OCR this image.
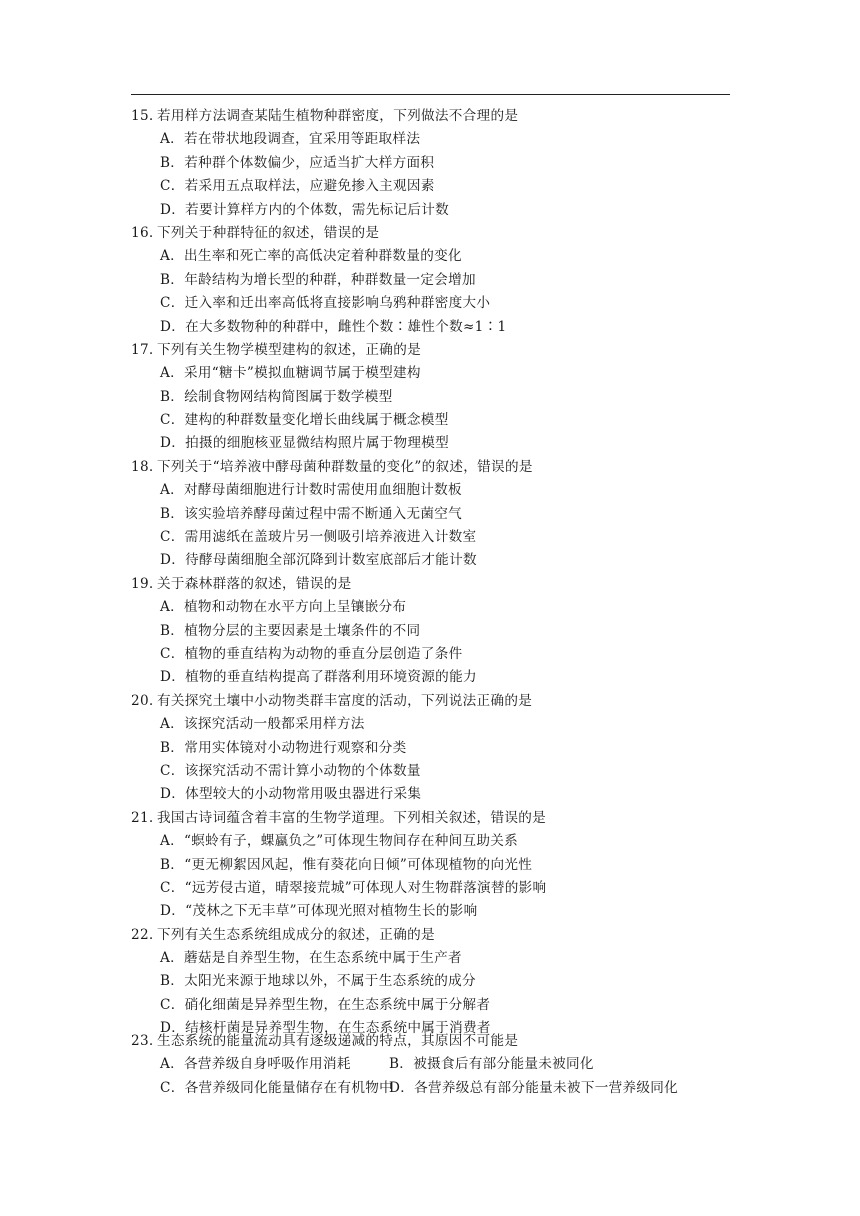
15. 若用样方法调查某陆生植物种群密度，下列做法不合理的是
A．若在带状地段调查，宜采用等距取样法
B．若种群个体数偏少，应适当扩大样方面积
C．若采用五点取样法，应避免掺入主观因素
D．若要计算样方内的个体数，需先标记后计数
16. 下列关于种群特征的叙述，错误的是
A．出生率和死亡率的高低决定着种群数量的变化
B．年龄结构为增长型的种群，种群数量一定会增加
C．迁入率和迁出率高低将直接影响乌鸦种群密度大小
D．在大多数物种的种群中，雌性个数∶雄性个数≈1∶1
17. 下列有关生物学模型建构的叙述，正确的是
A．采用“糖卡”模拟血糖调节属于模型建构
B．绘制食物网结构简图属于数学模型
C．建构的种群数量变化增长曲线属于概念模型
D．拍摄的细胞核亚显微结构照片属于物理模型
18. 下列关于“培养液中酵母菌种群数量的变化”的叙述，错误的是
A．对酵母菌细胞进行计数时需使用血细胞计数板
B．该实验培养酵母菌过程中需不断通入无菌空气
C．需用滤纸在盖玻片另一侧吸引培养液进入计数室
D．待酵母菌细胞全部沉降到计数室底部后才能计数
19. 关于森林群落的叙述，错误的是
A．植物和动物在水平方向上呈镶嵌分布
B．植物分层的主要因素是土壤条件的不同
C．植物的垂直结构为动物的垂直分层创造了条件
D．植物的垂直结构提高了群落利用环境资源的能力
20. 有关探究土壤中小动物类群丰富度的活动，下列说法正确的是
A．该探究活动一般都采用样方法
B．常用实体镜对小动物进行观察和分类
C．该探究活动不需计算小动物的个体数量
D．体型较大的小动物常用吸虫器进行采集
21. 我国古诗词蕴含着丰富的生物学道理。下列相关叙述，错误的是
A．“螟蛉有子，蜾蠃负之”可体现生物间存在种间互助关系
B．“更无柳絮因风起，惟有葵花向日倾”可体现植物的向光性
C．“远芳侵古道，晴翠接荒城”可体现人对生物群落演替的影响
D．“茂林之下无丰草”可体现光照对植物生长的影响
22. 下列有关生态系统组成成分的叙述，正确的是
A．蘑菇是自养型生物，在生态系统中属于生产者
B．太阳光来源于地球以外，不属于生态系统的成分
C．硝化细菌是异养型生物，在生态系统中属于分解者
D．结核杆菌是异养型生物，在生态系统中属于消费者
23. 生态系统的能量流动具有逐级递减的特点，其原因不可能是
A．各营养级自身呼吸作用消耗	B．被摄食后有部分能量未被同化
C．各营养级同化能量储存在有机物中
D．各营养级总有部分能量未被下一营养级同化
